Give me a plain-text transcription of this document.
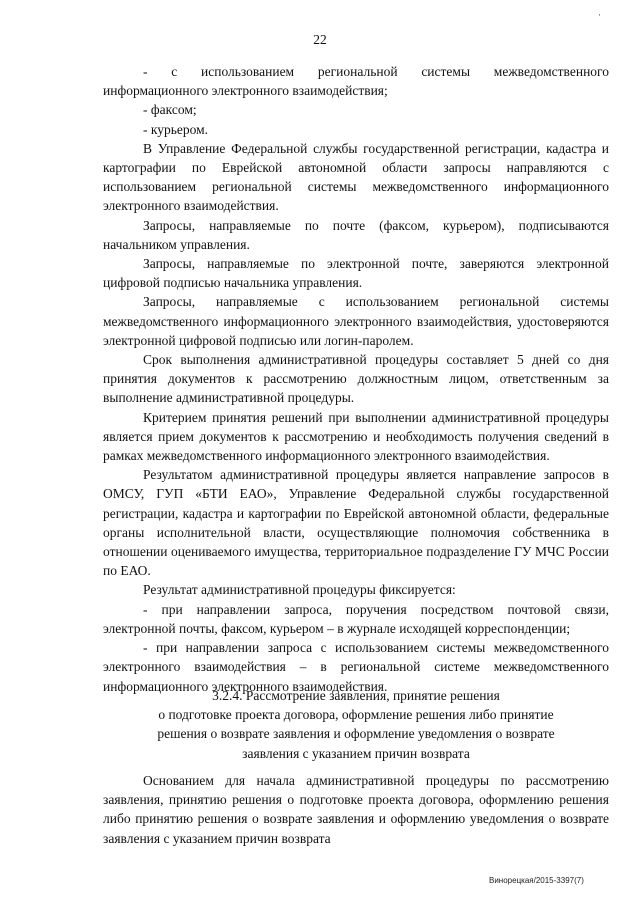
·
22

- с использованием региональной системы межведомственного информационного электронного взаимодействия;

- факсом;

- курьером.

В Управление Федеральной службы государственной регистрации, кадастра и картографии по Еврейской автономной области запросы направляются с использованием региональной системы межведомственного информационного электронного взаимодействия.

Запросы, направляемые по почте (факсом, курьером), подписываются начальником управления.

Запросы, направляемые по электронной почте, заверяются электронной цифровой подписью начальника управления.

Запросы, направляемые с использованием региональной системы межведомственного информационного электронного взаимодействия, удостоверяются электронной цифровой подписью или логин-паролем.

Срок выполнения административной процедуры составляет 5 дней со дня принятия документов к рассмотрению должностным лицом, ответственным за выполнение административной процедуры.

Критерием принятия решений при выполнении административной процедуры является прием документов к рассмотрению и необходимость получения сведений в рамках межведомственного информационного электронного взаимодействия.

Результатом административной процедуры является направление запросов в ОМСУ, ГУП «БТИ ЕАО», Управление Федеральной службы государственной регистрации, кадастра и картографии по Еврейской автономной области, федеральные органы исполнительной власти, осуществляющие полномочия собственника в отношении оцениваемого имущества, территориальное подразделение ГУ МЧС России по ЕАО.

Результат административной процедуры фиксируется:

- при направлении запроса, поручения посредством почтовой связи, электронной почты, факсом, курьером – в журнале исходящей корреспонденции;

- при направлении запроса с использованием системы межведомственного электронного взаимодействия – в региональной системе межведомственного информационного электронного взаимодействия.

3.2.4. Рассмотрение заявления, принятие решения
о подготовке проекта договора, оформление решения либо принятие
решения о возврате заявления и оформление уведомления о возврате
заявления с указанием причин возврата

Основанием для начала административной процедуры по рассмотрению заявления, принятию решения о подготовке проекта договора, оформлению решения либо принятию решения о возврате заявления и оформлению уведомления о возврате заявления с указанием причин возврата

Винорецкая/2015-3397(7)
